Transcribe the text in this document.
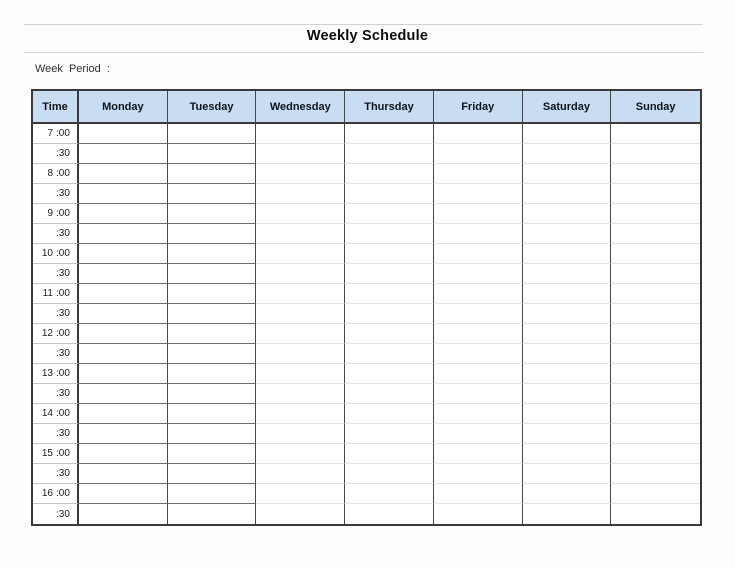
Weekly Schedule
Week Period :
Time	Monday	Tuesday	Wednesday	Thursday	Friday	Saturday	Sunday
7 :00
:30
8 :00
:30
9 :00
:30
10 :00
:30
11 :00
:30
12 :00
:30
13 :00
:30
14 :00
:30
15 :00
:30
16 :00
:30
